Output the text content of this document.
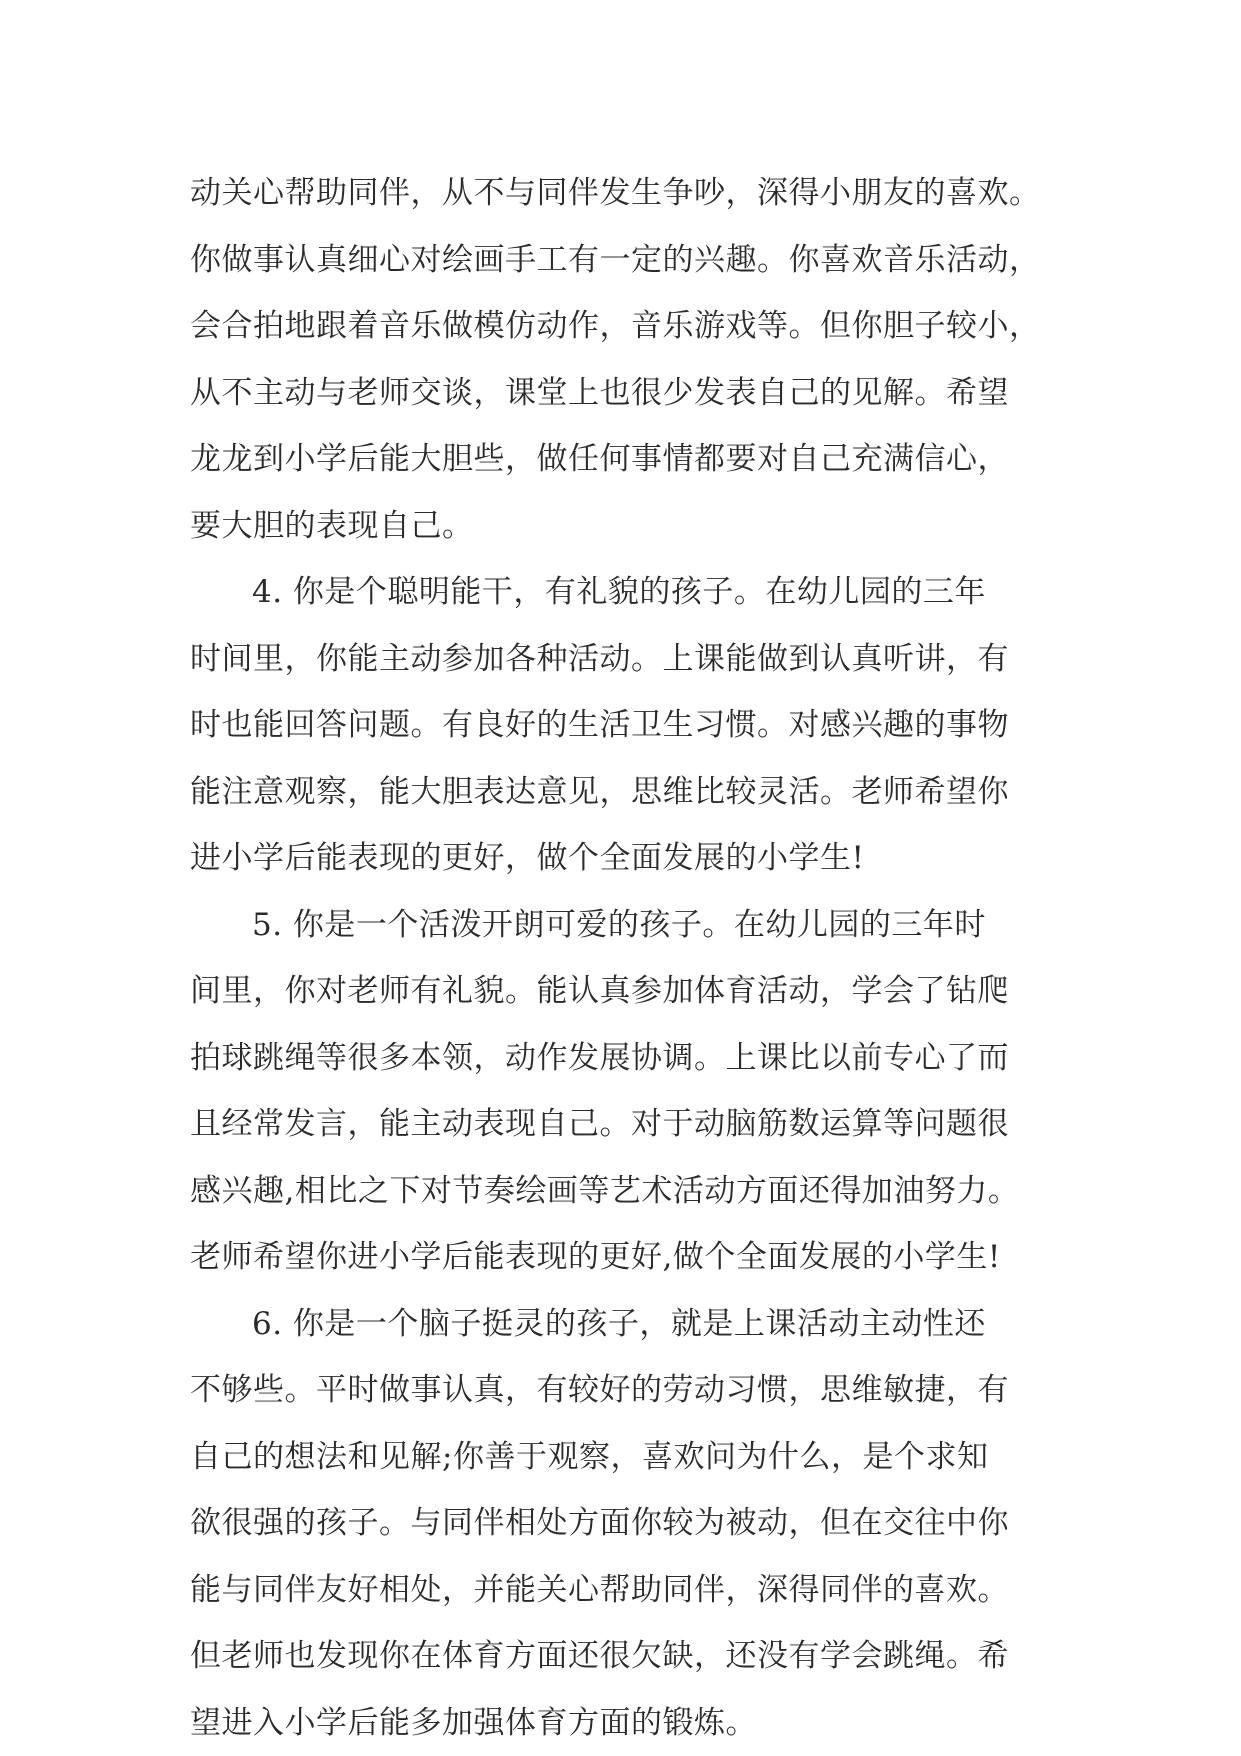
动关心帮助同伴，从不与同伴发生争吵，深得小朋友的喜欢。
你做事认真细心对绘画手工有一定的兴趣。你喜欢音乐活动，
会合拍地跟着音乐做模仿动作，音乐游戏等。但你胆子较小，
从不主动与老师交谈，课堂上也很少发表自己的见解。希望
龙龙到小学后能大胆些，做任何事情都要对自己充满信心，
要大胆的表现自己。
4. 你是个聪明能干，有礼貌的孩子。在幼儿园的三年
时间里，你能主动参加各种活动。上课能做到认真听讲，有
时也能回答问题。有良好的生活卫生习惯。对感兴趣的事物
能注意观察，能大胆表达意见，思维比较灵活。老师希望你
进小学后能表现的更好，做个全面发展的小学生!
5. 你是一个活泼开朗可爱的孩子。在幼儿园的三年时
间里，你对老师有礼貌。能认真参加体育活动，学会了钻爬
拍球跳绳等很多本领，动作发展协调。上课比以前专心了而
且经常发言，能主动表现自己。对于动脑筋数运算等问题很
感兴趣,相比之下对节奏绘画等艺术活动方面还得加油努力。
老师希望你进小学后能表现的更好,做个全面发展的小学生!
6. 你是一个脑子挺灵的孩子，就是上课活动主动性还
不够些。平时做事认真，有较好的劳动习惯，思维敏捷，有
自己的想法和见解;你善于观察，喜欢问为什么，是个求知
欲很强的孩子。与同伴相处方面你较为被动，但在交往中你
能与同伴友好相处，并能关心帮助同伴，深得同伴的喜欢。
但老师也发现你在体育方面还很欠缺，还没有学会跳绳。希
望进入小学后能多加强体育方面的锻炼。
